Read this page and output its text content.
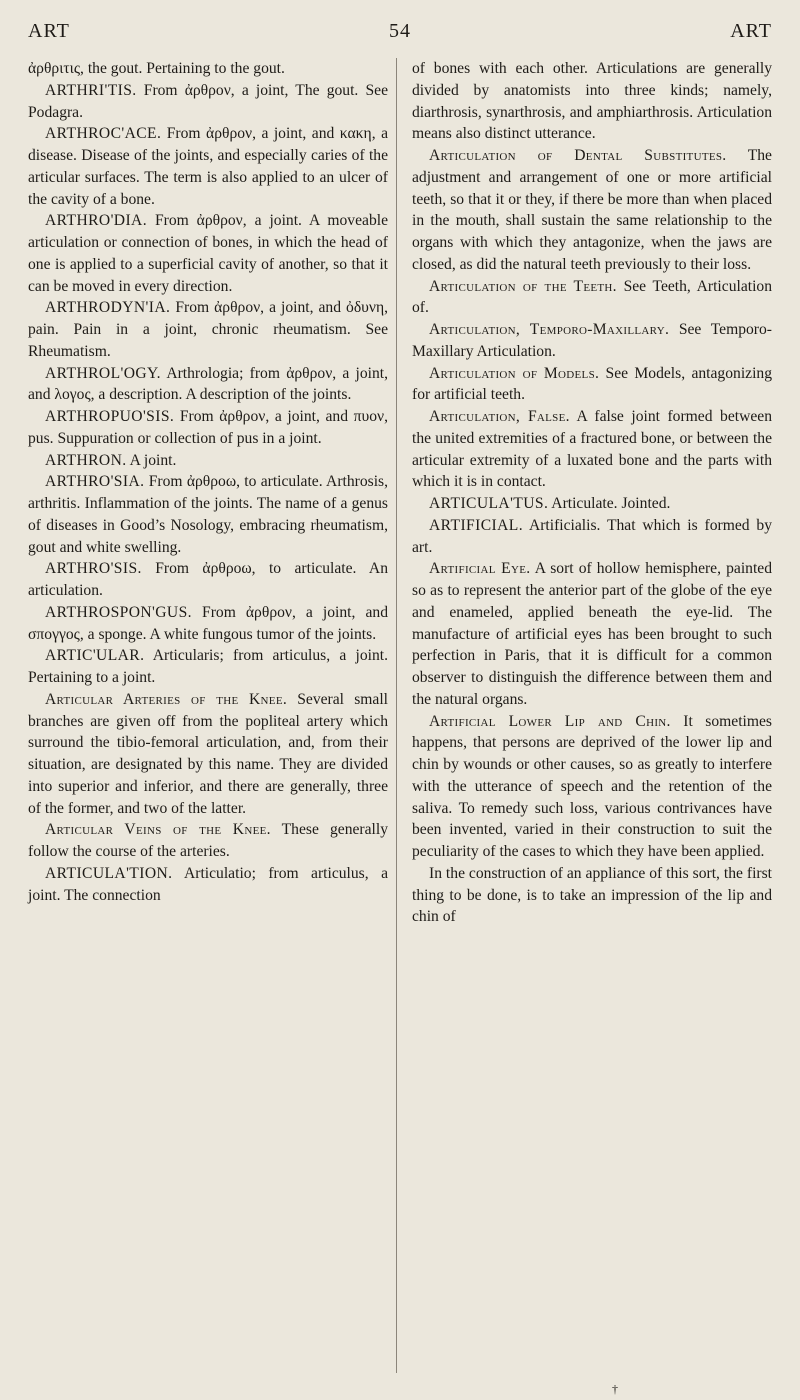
ART	54	ART

ἀρθριτις, the gout. Pertaining to the gout.

ARTHRI'TIS. From ἀρθρον, a joint, The gout. See Podagra.

ARTHROC'ACE. From ἀρθρον, a joint, and κακη, a disease. Disease of the joints, and especially caries of the articular surfaces. The term is also applied to an ulcer of the cavity of a bone.

ARTHRO'DIA. From ἀρθρον, a joint. A moveable articulation or connection of bones, in which the head of one is applied to a superficial cavity of another, so that it can be moved in every direction.

ARTHRODYN'IA. From ἀρθρον, a joint, and ὀδυνη, pain. Pain in a joint, chronic rheumatism. See Rheumatism.

ARTHROL'OGY. Arthrologia; from ἀρθρον, a joint, and λογος, a description. A description of the joints.

ARTHROPUO'SIS. From ἀρθρον, a joint, and πυον, pus. Suppuration or collection of pus in a joint.

ARTHRON. A joint.

ARTHRO'SIA. From ἀρθροω, to articulate. Arthrosis, arthritis. Inflammation of the joints. The name of a genus of diseases in Good’s Nosology, embracing rheumatism, gout and white swelling.

ARTHRO'SIS. From ἀρθροω, to articulate. An articulation.

ARTHROSPON'GUS. From ἀρθρον, a joint, and σπογγος, a sponge. A white fungous tumor of the joints.

ARTIC'ULAR. Articularis; from articulus, a joint. Pertaining to a joint.

Articular Arteries of the Knee. Several small branches are given off from the popliteal artery which surround the tibio-femoral articulation, and, from their situation, are designated by this name. They are divided into superior and inferior, and there are generally, three of the former, and two of the latter.

Articular Veins of the Knee. These generally follow the course of the arteries.

ARTICULA'TION. Articulatio; from articulus, a joint. The connection

of bones with each other. Articulations are generally divided by anatomists into three kinds; namely, diarthrosis, synarthrosis, and amphiarthrosis. Articulation means also distinct utterance.

Articulation of Dental Substitutes. The adjustment and arrangement of one or more artificial teeth, so that it or they, if there be more than when placed in the mouth, shall sustain the same relationship to the organs with which they antagonize, when the jaws are closed, as did the natural teeth previously to their loss.

Articulation of the Teeth. See Teeth, Articulation of.

Articulation, Temporo-Maxillary. See Temporo-Maxillary Articulation.

Articulation of Models. See Models, antagonizing for artificial teeth.

Articulation, False. A false joint formed between the united extremities of a fractured bone, or between the articular extremity of a luxated bone and the parts with which it is in contact.

ARTICULA'TUS. Articulate. Jointed.

ARTIFICIAL. Artificialis. That which is formed by art.

Artificial Eye. A sort of hollow hemisphere, painted so as to represent the anterior part of the globe of the eye and enameled, applied beneath the eye-lid. The manufacture of artificial eyes has been brought to such perfection in Paris, that it is difficult for a common observer to distinguish the difference between them and the natural organs.

Artificial Lower Lip and Chin. It sometimes happens, that persons are deprived of the lower lip and chin by wounds or other causes, so as greatly to interfere with the utterance of speech and the retention of the saliva. To remedy such loss, various contrivances have been invented, varied in their construction to suit the peculiarity of the cases to which they have been applied.

In the construction of an appliance of this sort, the first thing to be done, is to take an impression of the lip and chin of

†
